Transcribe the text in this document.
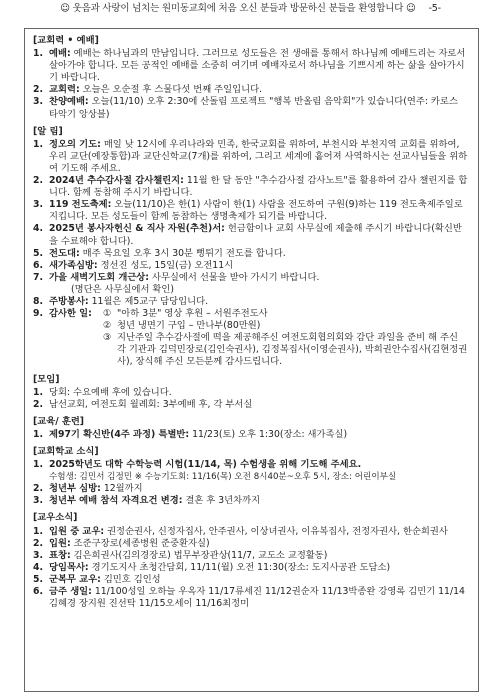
☺ 웃음과 사랑이 넘치는 원미동교회에 처음 오신 분들과 방문하신 분들을 환영합니다 ☺ -5-
[교회력 • 예배]
1. 예배: 예배는 하나님과의 만남입니다. 그러므로 성도들은 전 생애를 통해서 하나님께 예배드리는 자로서 살아가야 합니다. 모든 공적인 예배를 소중히 여기며 예배자로서 하나님을 기쁘시게 하는 삶을 살아가시기 바랍니다.
2. 교회력: 오늘은 오순절 후 스물다섯 번째 주일입니다.
3. 찬양예배: 오늘(11/10) 오후 2:30에 산돌림 프로젝트 "행복 반올림 음악회"가 있습니다(연주: 카로스 타악기 앙상블)
[알 림]
1. 정오의 기도: 매일 낮 12시에 우리나라와 민족, 한국교회를 위하여, 부천시와 부천지역 교회를 위하여, 우리 교단(예장통합)과 교단신학교(7개)를 위하여, 그리고 세계에 흩어져 사역하시는 선교사님들을 위하여 기도해 주세요.
2. 2024년 추수감사절 감사챌린지: 11월 한 달 동안 "추수감사절 감사노트"를 활용하여 감사 챌린지를 합니다. 함께 동참해 주시기 바랍니다.
3. 119 전도축제: 오늘(11/10)은 한(1) 사람이 한(1) 사람을 전도하여 구원(9)하는 119 전도축제주일로 지킵니다. 모든 성도들이 함께 동참하는 생명축제가 되기를 바랍니다.
4. 2025년 봉사자헌신 & 직사 자원(추천)서: 헌금함이나 교회 사무실에 제출해 주시기 바랍니다(확신반을 수료해야 합니다).
5. 전도대: 매주 목요일 오후 3시 30분 뻥튀기 전도를 합니다.
6. 새가족심방: 정선진 성도, 15일(금) 오전11시
7. 가을 새벽기도회 개근상: 사무실에서 선물을 받아 가시기 바랍니다.
(명단은 사무실에서 확인)
8. 주방봉사: 11월은 제5교구 담당입니다.
9. 감사한 일:	① "아하 3분" 영상 후원 – 서원주전도사
② 청년 냉면기 구입 – 만나부(80만원)
③ 지난주일 추수감사절에 떡을 제공해주신 여전도회협의회와 감단 과일을 준비 해 주신 각 기관과 김덕민장로(김인숙권사), 김정복집사(이영순권사), 박희권안수집사(김현정권사), 장식해 주신 모든분께 감사드립니다.
[모임]
1. 당회: 수요예배 후에 있습니다.
2. 남선교회, 여전도회 월례회: 3부예배 후, 각 부서실
[교육/ 훈련]
1. 제97기 확신반(4주 과정) 특별반: 11/23(토) 오후 1:30(장소: 새가족실)
[교회학교 소식]
1. 2025학년도 대학 수학능력 시험(11/14, 목) 수험생을 위해 기도해 주세요.
수험생: 김민서 김정민 ※ 수능기도회: 11/16(목) 오전 8시40분~오후 5시, 장소: 어린이부실
2. 청년부 심방: 12월까지
3. 청년부 예배 참석 자격요건 변경: 결혼 후 3년차까지
[교우소식]
1. 입원 중 교우: 권정순권사, 신정자집사, 안주권사, 이상녀권사, 이유복집사, 전정자권사, 한순희권사
2. 입원: 조준구장로(세종병원 준중환자실)
3. 표창: 김은희권사(김의경장로) 법무부장관상(11/7, 교도소 교정활동)
4. 당임목사: 경기도지사 초청간담회, 11/11(월) 오전 11:30(장소: 도지사공관 도담소)
5. 군복무 교우: 김민호 김인성
6. 금주 생일: 11/100성일 오하늘 우옥자 11/17류세진 11/12권순자 11/13박종완 강영록 김민기 11/14김혜경 장지원 진선탁 11/15오세이 11/16최정미
